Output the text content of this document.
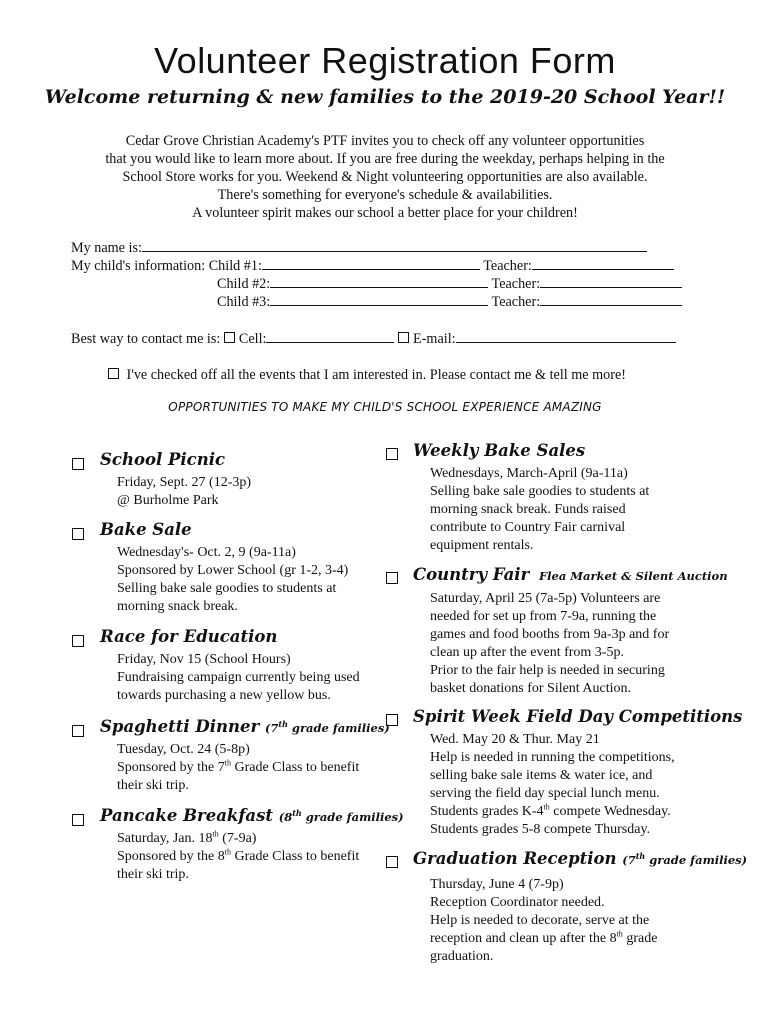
Volunteer Registration Form
Welcome returning & new families to the 2019-20 School Year!!
Cedar Grove Christian Academy's PTF invites you to check off any volunteer opportunities
that you would like to learn more about. If you are free during the weekday, perhaps helping in the
School Store works for you. Weekend & Night volunteering opportunities are also available.
There's something for everyone's schedule & availabilities.
A volunteer spirit makes our school a better place for your children!
My name is:
My child's information: Child #1:	Teacher:
Child #2:	Teacher:
Child #3:	Teacher:
Best way to contact me is: Cell:	E-mail:
I've checked off all the events that I am interested in. Please contact me & tell me more!
OPPORTUNITIES TO MAKE MY CHILD'S SCHOOL EXPERIENCE AMAZING
School Picnic
Friday, Sept. 27 (12-3p)
@ Burholme Park
Bake Sale
Wednesday's- Oct. 2, 9 (9a-11a)
Sponsored by Lower School (gr 1-2, 3-4)
Selling bake sale goodies to students at
morning snack break.
Race for Education
Friday, Nov 15 (School Hours)
Fundraising campaign currently being used
towards purchasing a new yellow bus.
Spaghetti Dinner (7th grade families)
Tuesday, Oct. 24 (5-8p)
Sponsored by the 7th Grade Class to benefit
their ski trip.
Pancake Breakfast (8th grade families)
Saturday, Jan. 18th (7-9a)
Sponsored by the 8th Grade Class to benefit
their ski trip.
Weekly Bake Sales
Wednesdays, March-April (9a-11a)
Selling bake sale goodies to students at
morning snack break. Funds raised
contribute to Country Fair carnival
equipment rentals.
Country Fair Flea Market & Silent Auction
Saturday, April 25 (7a-5p) Volunteers are
needed for set up from 7-9a, running the
games and food booths from 9a-3p and for
clean up after the event from 3-5p.
Prior to the fair help is needed in securing
basket donations for Silent Auction.
Spirit Week Field Day Competitions
Wed. May 20 & Thur. May 21
Help is needed in running the competitions,
selling bake sale items & water ice, and
serving the field day special lunch menu.
Students grades K-4th compete Wednesday.
Students grades 5-8 compete Thursday.
Graduation Reception (7th grade families)
Thursday, June 4 (7-9p)
Reception Coordinator needed.
Help is needed to decorate, serve at the
reception and clean up after the 8th grade
graduation.
